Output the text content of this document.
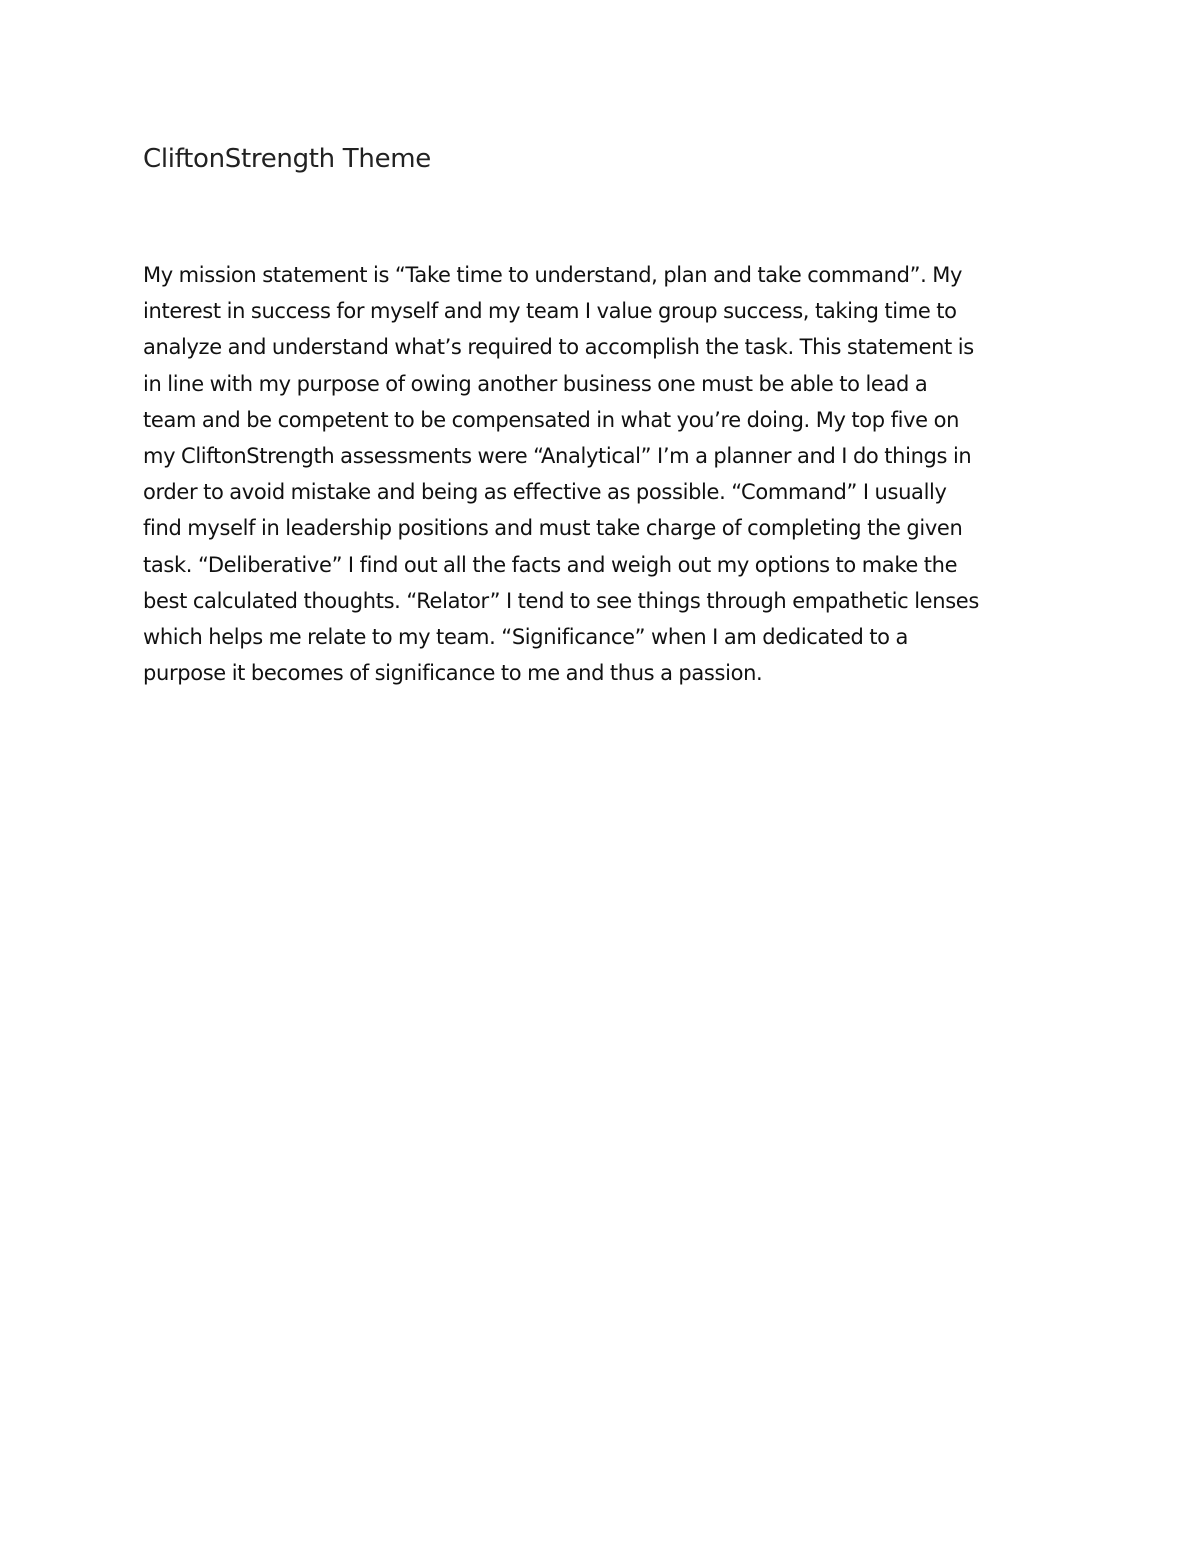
CliftonStrength Theme
My mission statement is “Take time to understand, plan and take command”. My
interest in success for myself and my team I value group success, taking time to
analyze and understand what’s required to accomplish the task. This statement is
in line with my purpose of owing another business one must be able to lead a
team and be competent to be compensated in what you’re doing. My top five on
my CliftonStrength assessments were “Analytical” I’m a planner and I do things in
order to avoid mistake and being as effective as possible. “Command” I usually
find myself in leadership positions and must take charge of completing the given
task. “Deliberative” I find out all the facts and weigh out my options to make the
best calculated thoughts. “Relator” I tend to see things through empathetic lenses
which helps me relate to my team. “Significance” when I am dedicated to a
purpose it becomes of significance to me and thus a passion.
